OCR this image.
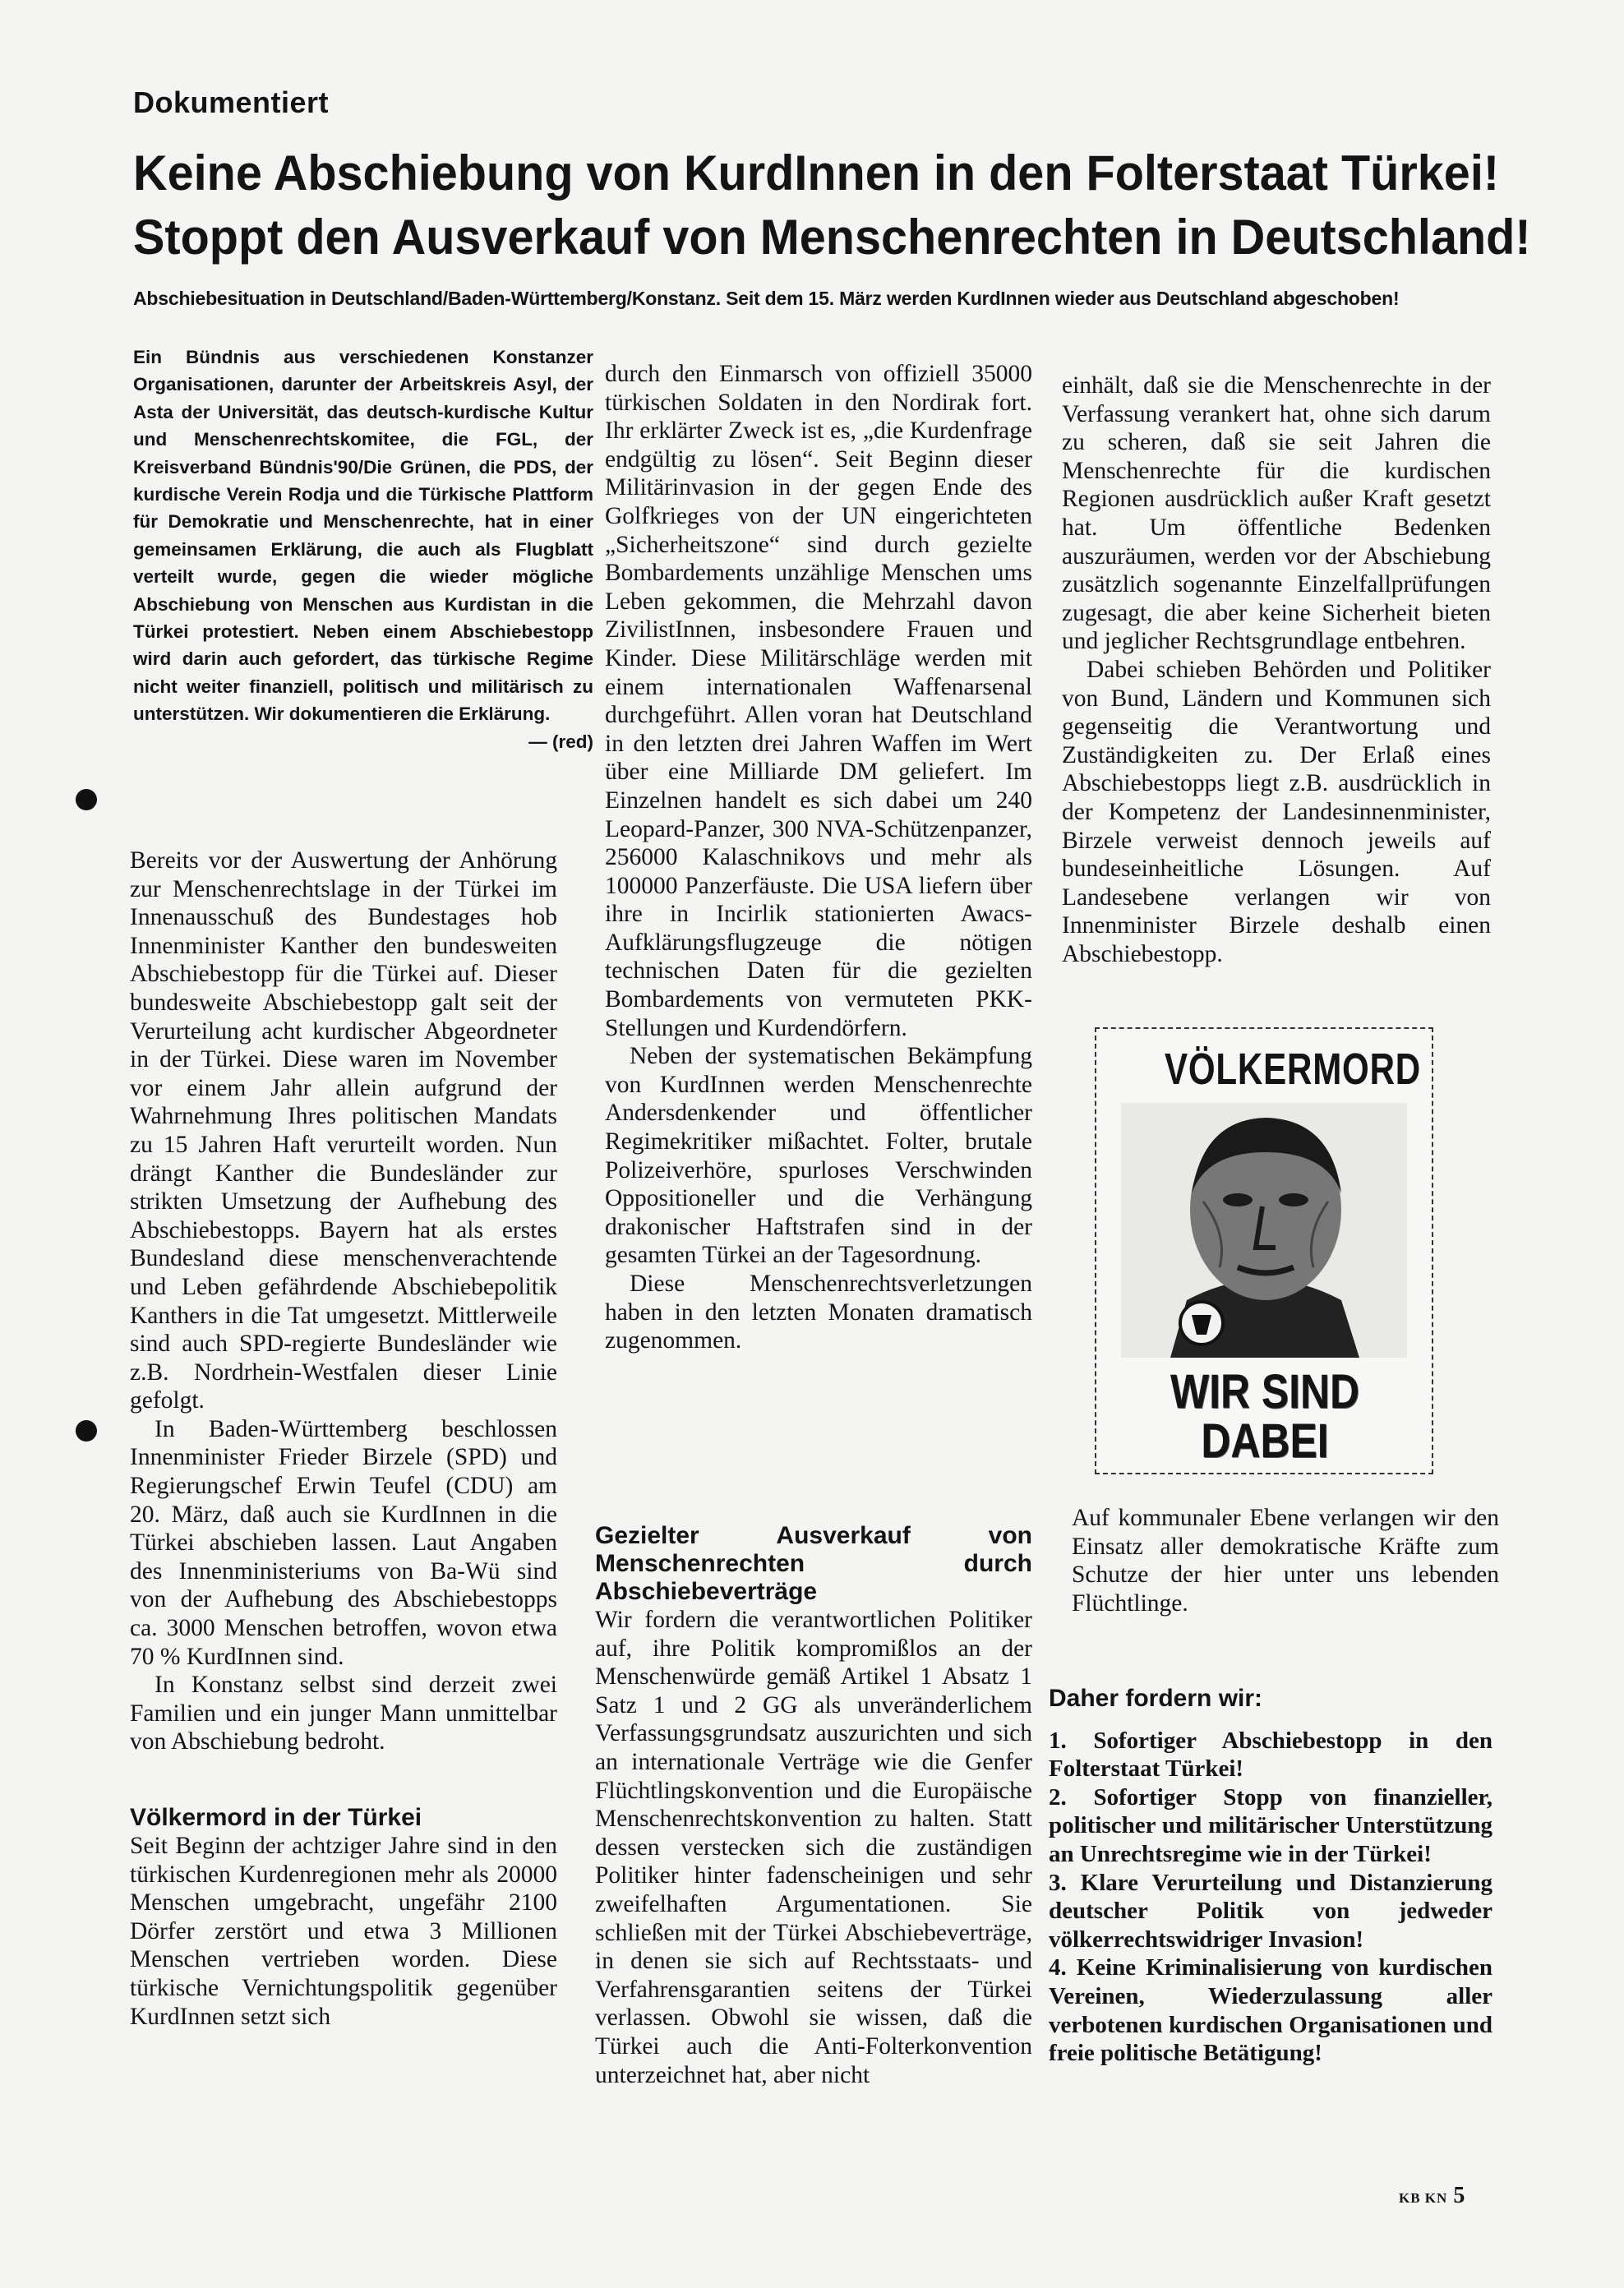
Dokumentiert
Keine Abschiebung von KurdInnen in den Folterstaat Türkei!
Stoppt den Ausverkauf von Menschenrechten in Deutschland!
Abschiebesituation in Deutschland/Baden-Württemberg/Konstanz. Seit dem 15. März werden KurdInnen wieder aus Deutschland abgeschoben!
Ein Bündnis aus verschiedenen Konstanzer Organisationen, darunter der Arbeitskreis Asyl, der Asta der Universität, das deutsch-kurdische Kultur und Menschenrechtskomitee, die FGL, der Kreisverband Bündnis'90/Die Grünen, die PDS, der kurdische Verein Rodja und die Türkische Plattform für Demokratie und Menschenrechte, hat in einer gemeinsamen Erklärung, die auch als Flugblatt verteilt wurde, gegen die wieder mögliche Abschiebung von Menschen aus Kurdistan in die Türkei protestiert. Neben einem Abschiebestopp wird darin auch gefordert, das türkische Regime nicht weiter finanziell, politisch und militärisch zu unterstützen. Wir dokumentieren die Erklärung.
— (red)

Bereits vor der Auswertung der Anhörung zur Menschenrechtslage in der Türkei im Innenausschuß des Bundestages hob Innenminister Kanther den bundesweiten Abschiebestopp für die Türkei auf. Dieser bundesweite Abschiebestopp galt seit der Verurteilung acht kurdischer Abgeordneter in der Türkei. Diese waren im November vor einem Jahr allein aufgrund der Wahrnehmung Ihres politischen Mandats zu 15 Jahren Haft verurteilt worden. Nun drängt Kanther die Bundesländer zur strikten Umsetzung der Aufhebung des Abschiebestopps. Bayern hat als erstes Bundesland diese menschenverachtende und Leben gefährdende Abschiebepolitik Kanthers in die Tat umgesetzt. Mittlerweile sind auch SPD-regierte Bundesländer wie z.B. Nordrhein-Westfalen dieser Linie gefolgt.

In Baden-Württemberg beschlossen Innenminister Frieder Birzele (SPD) und Regierungschef Erwin Teufel (CDU) am 20. März, daß auch sie KurdInnen in die Türkei abschieben lassen. Laut Angaben des Innenministeriums von Ba-Wü sind von der Aufhebung des Abschiebestopps ca. 3000 Menschen betroffen, wovon etwa 70 % KurdInnen sind.

In Konstanz selbst sind derzeit zwei Familien und ein junger Mann unmittelbar von Abschiebung bedroht.

Völkermord in der Türkei

Seit Beginn der achtziger Jahre sind in den türkischen Kurdenregionen mehr als 20000 Menschen umgebracht, ungefähr 2100 Dörfer zerstört und etwa 3 Millionen Menschen vertrieben worden. Diese türkische Vernichtungspolitik gegenüber KurdInnen setzt sich

durch den Einmarsch von offiziell 35000 türkischen Soldaten in den Nordirak fort. Ihr erklärter Zweck ist es, „die Kurdenfrage endgültig zu lösen“. Seit Beginn dieser Militärinvasion in der gegen Ende des Golfkrieges von der UN eingerichteten „Sicherheitszone“ sind durch gezielte Bombardements unzählige Menschen ums Leben gekommen, die Mehrzahl davon ZivilistInnen, insbesondere Frauen und Kinder. Diese Militärschläge werden mit einem internationalen Waffenarsenal durchgeführt. Allen voran hat Deutschland in den letzten drei Jahren Waffen im Wert über eine Milliarde DM geliefert. Im Einzelnen handelt es sich dabei um 240 Leopard-Panzer, 300 NVA-Schützenpanzer, 256000 Kalaschnikovs und mehr als 100000 Panzerfäuste. Die USA liefern über ihre in Incirlik stationierten Awacs-Aufklärungsflugzeuge die nötigen technischen Daten für die gezielten Bombardements von vermuteten PKK-Stellungen und Kurdendörfern.

Neben der systematischen Bekämpfung von KurdInnen werden Menschenrechte Andersdenkender und öffentlicher Regimekritiker mißachtet. Folter, brutale Polizeiverhöre, spurloses Verschwinden Oppositioneller und die Verhängung drakonischer Haftstrafen sind in der gesamten Türkei an der Tagesordnung.

Diese Menschenrechtsverletzungen haben in den letzten Monaten dramatisch zugenommen.

Gezielter Ausverkauf von Menschenrechten durch Abschiebeverträge

Wir fordern die verantwortlichen Politiker auf, ihre Politik kompromißlos an der Menschenwürde gemäß Artikel 1 Absatz 1 Satz 1 und 2 GG als unveränderlichem Verfassungsgrundsatz auszurichten und sich an internationale Verträge wie die Genfer Flüchtlingskonvention und die Europäische Menschenrechtskonvention zu halten. Statt dessen verstecken sich die zuständigen Politiker hinter fadenscheinigen und sehr zweifelhaften Argumentationen. Sie schließen mit der Türkei Abschiebeverträge, in denen sie sich auf Rechtsstaats- und Verfahrensgarantien seitens der Türkei verlassen. Obwohl sie wissen, daß die Türkei auch die Anti-Folterkonvention unterzeichnet hat, aber nicht

einhält, daß sie die Menschenrechte in der Verfassung verankert hat, ohne sich darum zu scheren, daß sie seit Jahren die Menschenrechte für die kurdischen Regionen ausdrücklich außer Kraft gesetzt hat. Um öffentliche Bedenken auszuräumen, werden vor der Abschiebung zusätzlich sogenannte Einzelfallprüfungen zugesagt, die aber keine Sicherheit bieten und jeglicher Rechtsgrundlage entbehren.

Dabei schieben Behörden und Politiker von Bund, Ländern und Kommunen sich gegenseitig die Verantwortung und Zuständigkeiten zu. Der Erlaß eines Abschiebestopps liegt z.B. ausdrücklich in der Kompetenz der Landesinnenminister, Birzele verweist dennoch jeweils auf bundeseinheitliche Lösungen. Auf Landesebene verlangen wir von Innenminister Birzele deshalb einen Abschiebestopp.

VÖLKERMORD
WIR SIND
DABEI

Auf kommunaler Ebene verlangen wir den Einsatz aller demokratische Kräfte zum Schutze der hier unter uns lebenden Flüchtlinge.

Daher fordern wir:
1. Sofortiger Abschiebestopp in den Folterstaat Türkei!
2. Sofortiger Stopp von finanzieller, politischer und militärischer Unterstützung an Unrechtsregime wie in der Türkei!
3. Klare Verurteilung und Distanzierung deutscher Politik von jedweder völkerrechtswidriger Invasion!
4. Keine Kriminalisierung von kurdischen Vereinen, Wiederzulassung aller verbotenen kurdischen Organisationen und freie politische Betätigung!
KB KN 5
